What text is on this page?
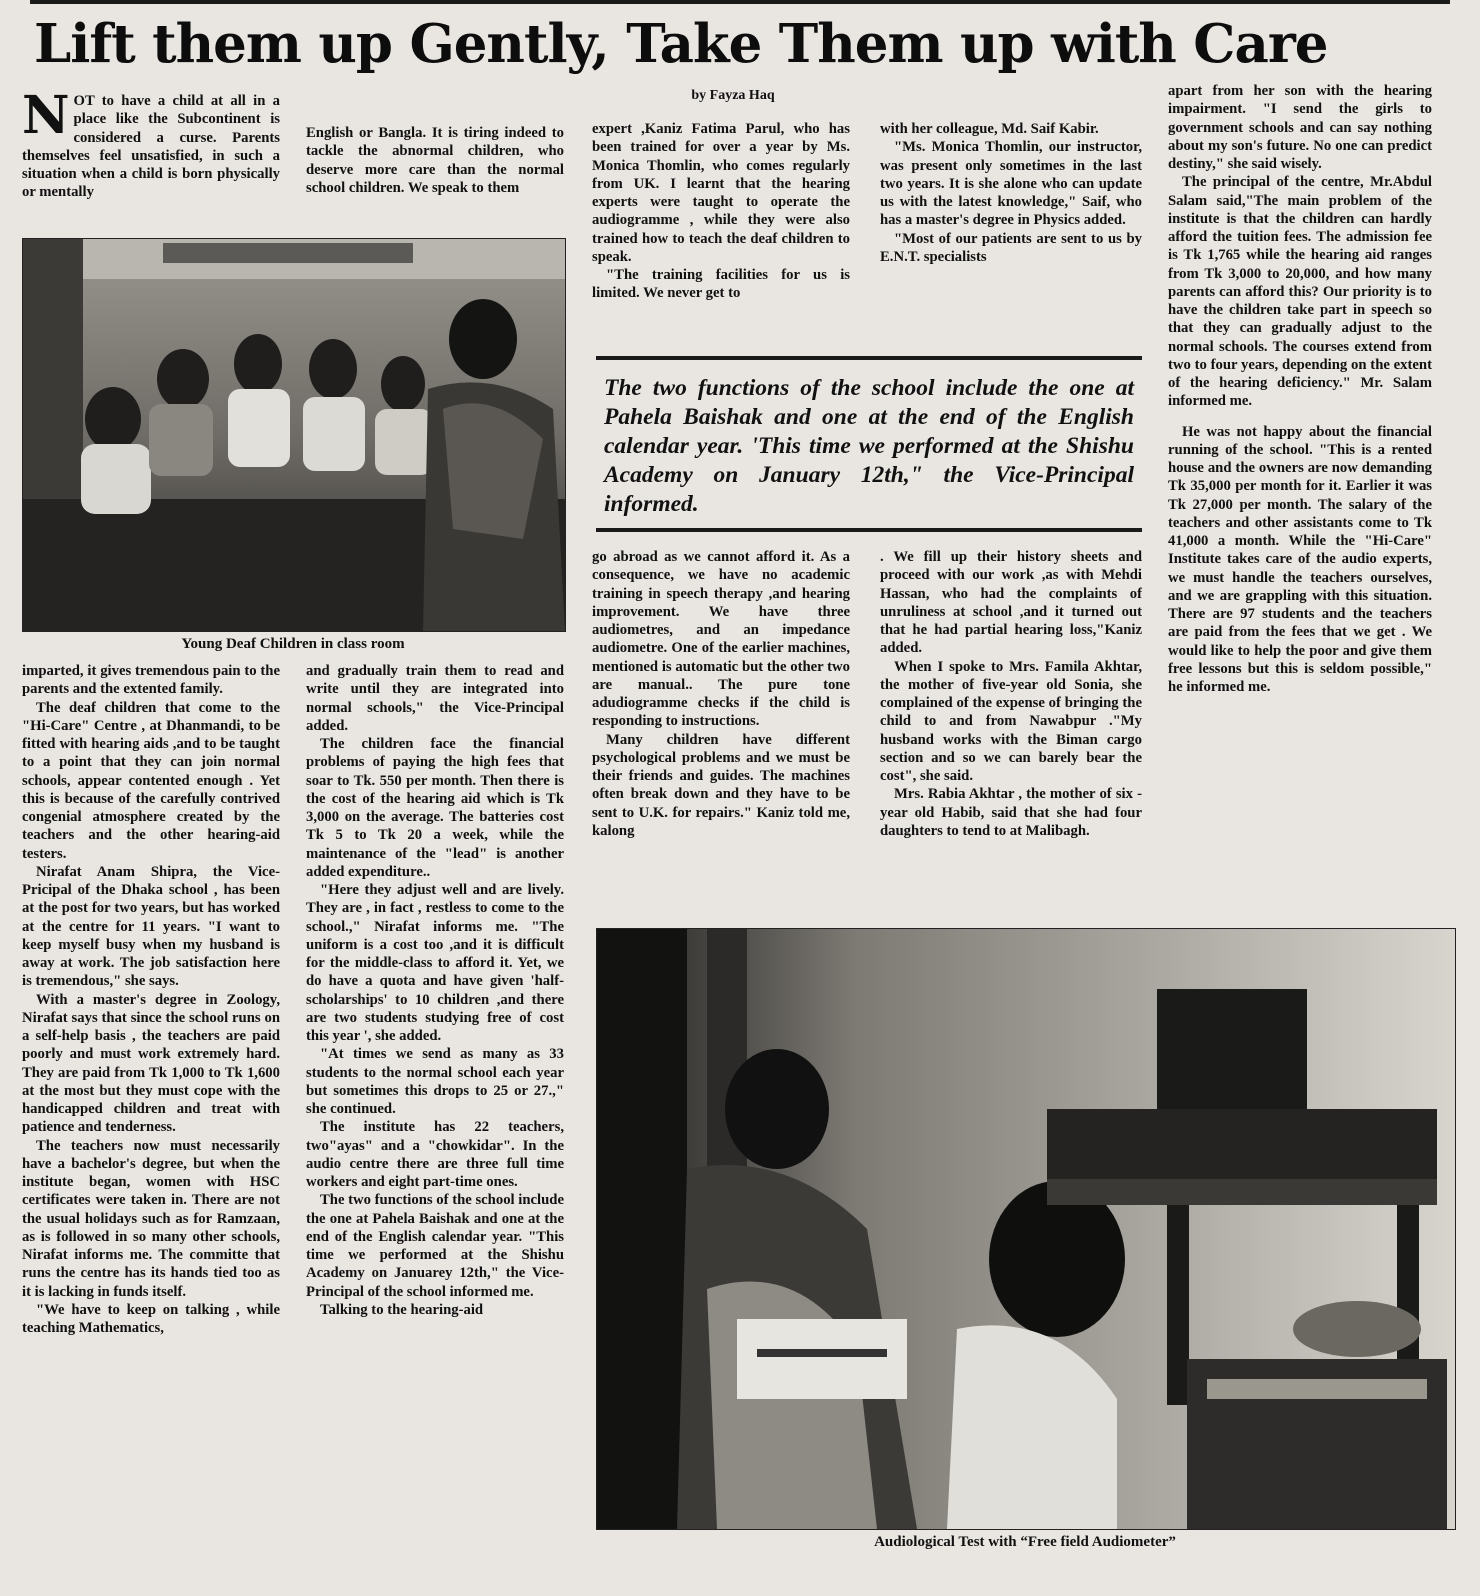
Lift them up Gently, Take Them up with Care
by Fayza Haq
N OT to have a child at all in a place like the Subcontinent is considered a curse. Parents themselves feel unsatisfied, in such a situation when a child is born physically or mentally

English or Bangla. It is tiring indeed to tackle the abnormal children, who deserve more care than the normal school children. We speak to them

expert ,Kaniz Fatima Parul, who has been trained for over a year by Ms. Monica Thomlin, who comes regularly from UK. I learnt that the hearing experts were taught to operate the audiogramme , while they were also trained how to teach the deaf children to speak.

"The training facilities for us is limited. We never get to

with her colleague, Md. Saif Kabir.

"Ms. Monica Thomlin, our instructor, was present only sometimes in the last two years. It is she alone who can update us with the latest knowledge," Saif, who has a master's degree in Physics added.

"Most of our patients are sent to us by E.N.T. specialists

apart from her son with the hearing impairment. "I send the girls to government schools and can say nothing about my son's future. No one can predict destiny," she said wisely.

The principal of the centre, Mr.Abdul Salam said,"The main problem of the institute is that the children can hardly afford the tuition fees. The admission fee is Tk 1,765 while the hearing aid ranges from Tk 3,000 to 20,000, and how many parents can afford this? Our priority is to have the children take part in speech so that they can gradually adjust to the normal schools. The courses extend from two to four years, depending on the extent of the hearing deficiency." Mr. Salam informed me.

He was not happy about the financial running of the school. "This is a rented house and the owners are now demanding Tk 35,000 per month for it. Earlier it was Tk 27,000 per month. The salary of the teachers and other assistants come to Tk 41,000 a month. While the "Hi-Care" Institute takes care of the audio experts, we must handle the teachers ourselves, and we are grappling with this situation. There are 97 students and the teachers are paid from the fees that we get . We would like to help the poor and give them free lessons but this is seldom possible," he informed me.

The two functions of the school include the one at Pahela Baishak and one at the end of the English calendar year. 'This time we performed at the Shishu Academy on January 12th," the Vice-Principal informed.
Young Deaf Children in class room

imparted, it gives tremendous pain to the parents and the extented family.

The deaf children that come to the "Hi-Care" Centre , at Dhanmandi, to be fitted with hearing aids ,and to be taught to a point that they can join normal schools, appear contented enough . Yet this is because of the carefully contrived congenial atmosphere created by the teachers and the other hearing-aid testers.

Nirafat Anam Shipra, the Vice- Pricipal of the Dhaka school , has been at the post for two years, but has worked at the centre for 11 years. "I want to keep myself busy when my husband is away at work. The job satisfaction here is tremendous," she says.

With a master's degree in Zoology, Nirafat says that since the school runs on a self-help basis , the teachers are paid poorly and must work extremely hard. They are paid from Tk 1,000 to Tk 1,600 at the most but they must cope with the handicapped children and treat with patience and tenderness.

The teachers now must necessarily have a bachelor's degree, but when the institute began, women with HSC certificates were taken in. There are not the usual holidays such as for Ramzaan, as is followed in so many other schools, Nirafat informs me. The committe that runs the centre has its hands tied too as it is lacking in funds itself.

"We have to keep on talking , while teaching Mathematics,

and gradually train them to read and write until they are integrated into normal schools," the Vice-Principal added.

The children face the financial problems of paying the high fees that soar to Tk. 550 per month. Then there is the cost of the hearing aid which is Tk 3,000 on the average. The batteries cost Tk 5 to Tk 20 a week, while the maintenance of the "lead" is another added expenditure..

"Here they adjust well and are lively. They are , in fact , restless to come to the school.," Nirafat informs me. "The uniform is a cost too ,and it is difficult for the middle-class to afford it. Yet, we do have a quota and have given 'half-scholarships' to 10 children ,and there are two students studying free of cost this year ', she added.

"At times we send as many as 33 students to the normal school each year but sometimes this drops to 25 or 27.," she continued.

The institute has 22 teachers, two"ayas" and a "chowkidar". In the audio centre there are three full time workers and eight part-time ones.

The two functions of the school include the one at Pahela Baishak and one at the end of the English calendar year. "This time we performed at the Shishu Academy on Januarey 12th," the Vice-Principal of the school informed me.

Talking to the hearing-aid

go abroad as we cannot afford it. As a consequence, we have no academic training in speech therapy ,and hearing improvement. We have three audiometres, and an impedance audiometre. One of the earlier machines, mentioned is automatic but the other two are manual.. The pure tone adudiogramme checks if the child is responding to instructions.

Many children have different psychological problems and we must be their friends and guides. The machines often break down and they have to be sent to U.K. for repairs." Kaniz told me, kalong

. We fill up their history sheets and proceed with our work ,as with Mehdi Hassan, who had the complaints of unruliness at school ,and it turned out that he had partial hearing loss,"Kaniz added.

When I spoke to Mrs. Famila Akhtar, the mother of five-year old Sonia, she complained of the expense of bringing the child to and from Nawabpur ."My husband works with the Biman cargo section and so we can barely bear the cost", she said.

Mrs. Rabia Akhtar , the mother of six -year old Habib, said that she had four daughters to tend to at Malibagh.

Audiological Test with “Free field Audiometer”
